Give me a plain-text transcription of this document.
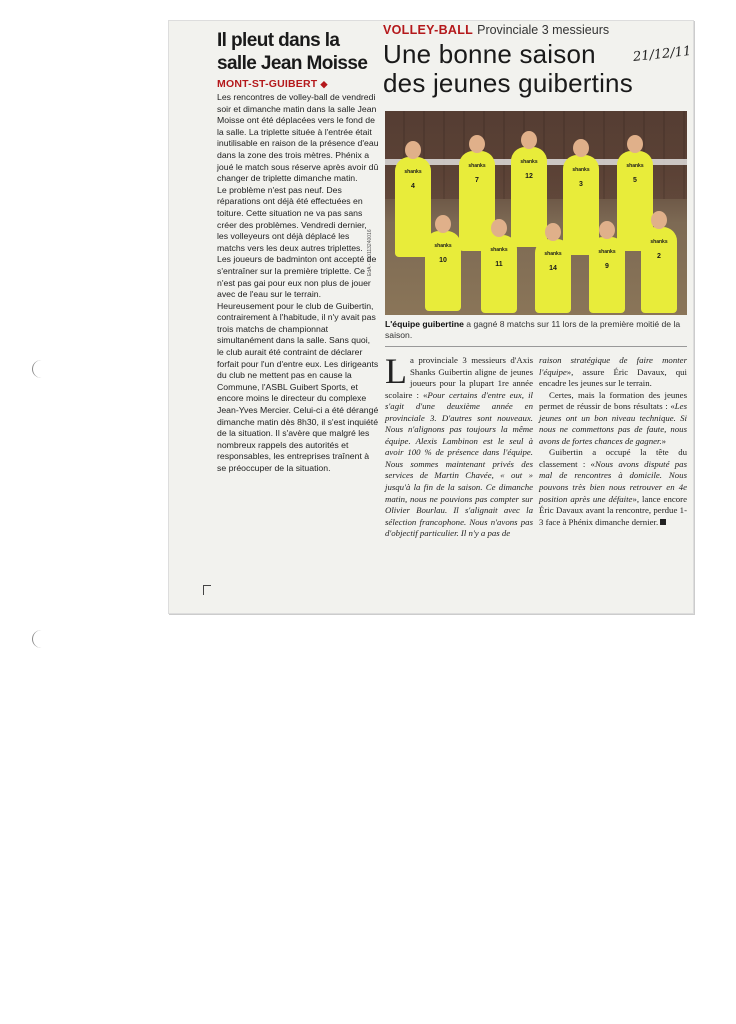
Il pleut dans la
salle Jean Moisse
MONT-ST-GUIBERT ◆

Les rencontres de volley-ball de vendredi soir et dimanche matin dans la salle Jean Moisse ont été déplacées vers le fond de la salle. La triplette située à l'entrée était inutilisable en raison de la présence d'eau dans la zone des trois mètres. Phénix a joué le match sous réserve après avoir dû changer de triplette dimanche matin.

Le problème n'est pas neuf. Des réparations ont déjà été effectuées en toiture. Cette situation ne va pas sans créer des problèmes. Vendredi dernier, les volleyeurs ont déjà déplacé les matchs vers les deux autres triplettes. Les joueurs de badminton ont accepté de s'entraîner sur la première triplette. Ce n'est pas gai pour eux non plus de jouer avec de l'eau sur le terrain.

Heureusement pour le club de Guibertin, contrairement à l'habitude, il n'y avait pas trois matchs de championnat simultanément dans la salle. Sans quoi, le club aurait été contraint de déclarer forfait pour l'un d'entre eux. Les dirigeants du club ne mettent pas en cause la Commune, l'ASBL Guibert Sports, et encore moins le directeur du complexe Jean-Yves Mercier. Celui-ci a été dérangé dimanche matin dès 8h30, il s'est inquiété de la situation. Il s'avère que malgré les nombreux rappels des autorités et responsables, les entreprises traînent à se préoccuper de la situation.

EdA - 100113240016
VOLLEY-BALL Provinciale 3 messieurs
Une bonne saison
des jeunes guibertins
21/12/11
shanks
4
shanks
7
shanks
12
shanks
3
shanks
5
shanks
10
shanks
11
shanks
14
shanks
9
shanks
2
L'équipe guibertine a gagné 8 matchs sur 11 lors de la première moitié de la saison.

La provinciale 3 messieurs d'Axis Shanks Guibertin aligne de jeunes joueurs pour la plupart 1re année scolaire : «Pour certains d'entre eux, il s'agit d'une deuxième année en provinciale 3. D'autres sont nouveaux. Nous n'alignons pas toujours la même équipe. Alexis Lambinon est le seul à avoir 100 % de présence dans l'équipe. Nous sommes maintenant privés des services de Martin Chavée, « out » jusqu'à la fin de la saison. Ce dimanche matin, nous ne pouvions pas compter sur Olivier Bourlau. Il s'alignait avec la sélection francophone. Nous n'avons pas d'objectif particulier. Il n'y a pas de

raison stratégique de faire monter l'équipe», assure Éric Davaux, qui encadre les jeunes sur le terrain.

Certes, mais la formation des jeunes permet de réussir de bons résultats : «Les jeunes ont un bon niveau technique. Si nous ne commettons pas de faute, nous avons de fortes chances de gagner.»

Guibertin a occupé la tête du classement : «Nous avons disputé pas mal de rencontres à domicile. Nous pouvons très bien nous retrouver en 4e position après une défaite», lance encore Éric Davaux avant la rencontre, perdue 1-3 face à Phénix dimanche dernier.
